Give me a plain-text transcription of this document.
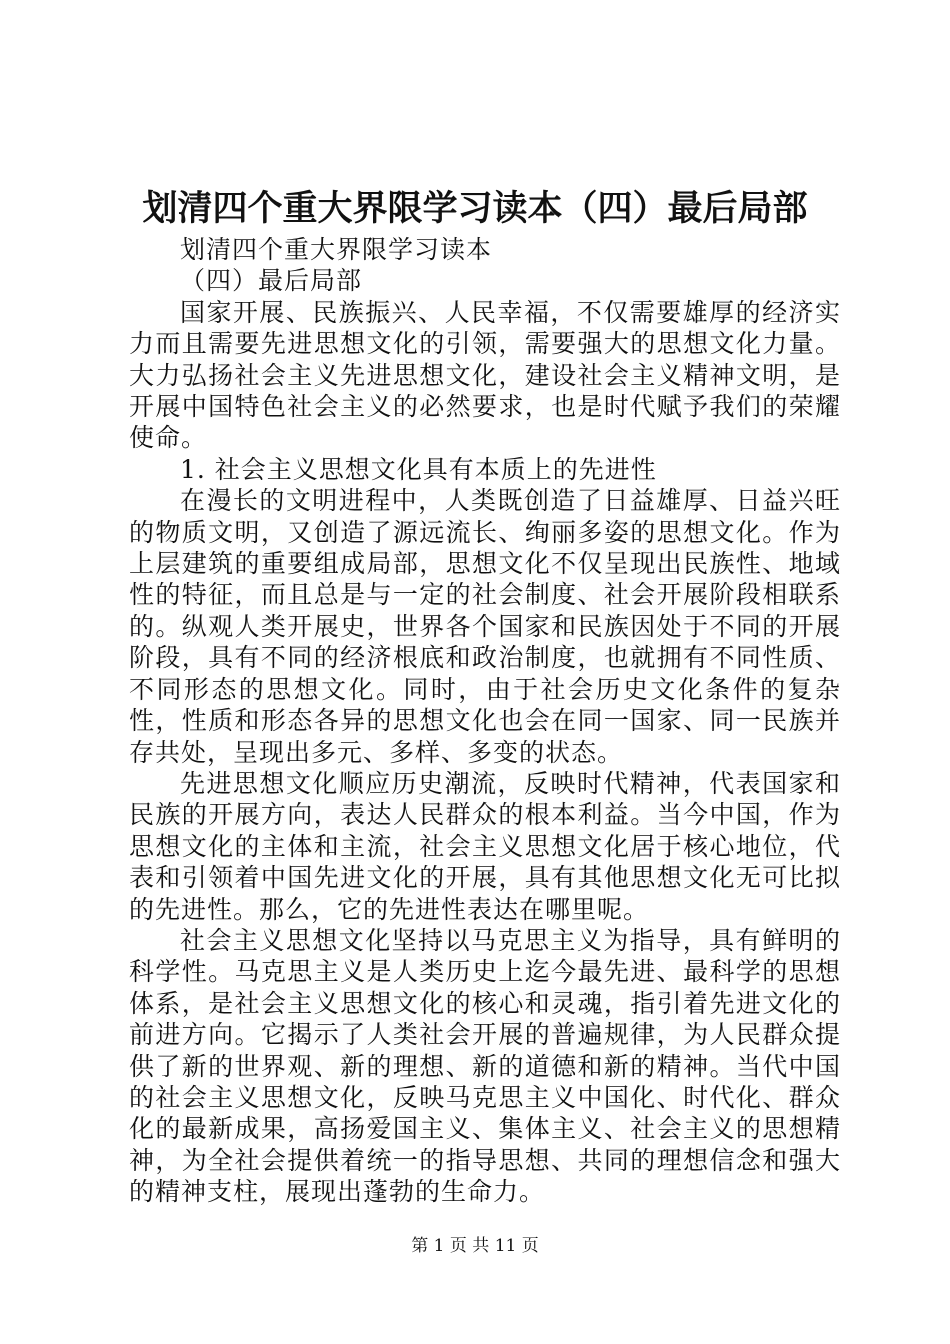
划清四个重大界限学习读本（四）最后局部

划清四个重大界限学习读本

（四）最后局部

国家开展、民族振兴、人民幸福，不仅需要雄厚的经济实力而且需要先进思想文化的引领，需要强大的思想文化力量。大力弘扬社会主义先进思想文化，建设社会主义精神文明，是开展中国特色社会主义的必然要求，也是时代赋予我们的荣耀使命。

1. 社会主义思想文化具有本质上的先进性

在漫长的文明进程中，人类既创造了日益雄厚、日益兴旺的物质文明，又创造了源远流长、绚丽多姿的思想文化。作为上层建筑的重要组成局部，思想文化不仅呈现出民族性、地域性的特征，而且总是与一定的社会制度、社会开展阶段相联系的。纵观人类开展史，世界各个国家和民族因处于不同的开展阶段，具有不同的经济根底和政治制度，也就拥有不同性质、不同形态的思想文化。同时，由于社会历史文化条件的复杂性，性质和形态各异的思想文化也会在同一国家、同一民族并存共处，呈现出多元、多样、多变的状态。

先进思想文化顺应历史潮流，反映时代精神，代表国家和民族的开展方向，表达人民群众的根本利益。当今中国，作为思想文化的主体和主流，社会主义思想文化居于核心地位，代表和引领着中国先进文化的开展，具有其他思想文化无可比拟的先进性。那么，它的先进性表达在哪里呢。

社会主义思想文化坚持以马克思主义为指导，具有鲜明的科学性。马克思主义是人类历史上迄今最先进、最科学的思想体系，是社会主义思想文化的核心和灵魂，指引着先进文化的前进方向。它揭示了人类社会开展的普遍规律，为人民群众提供了新的世界观、新的理想、新的道德和新的精神。当代中国的社会主义思想文化，反映马克思主义中国化、时代化、群众化的最新成果，高扬爱国主义、集体主义、社会主义的思想精神，为全社会提供着统一的指导思想、共同的理想信念和强大的精神支柱，展现出蓬勃的生命力。

第 1 页 共 11 页
